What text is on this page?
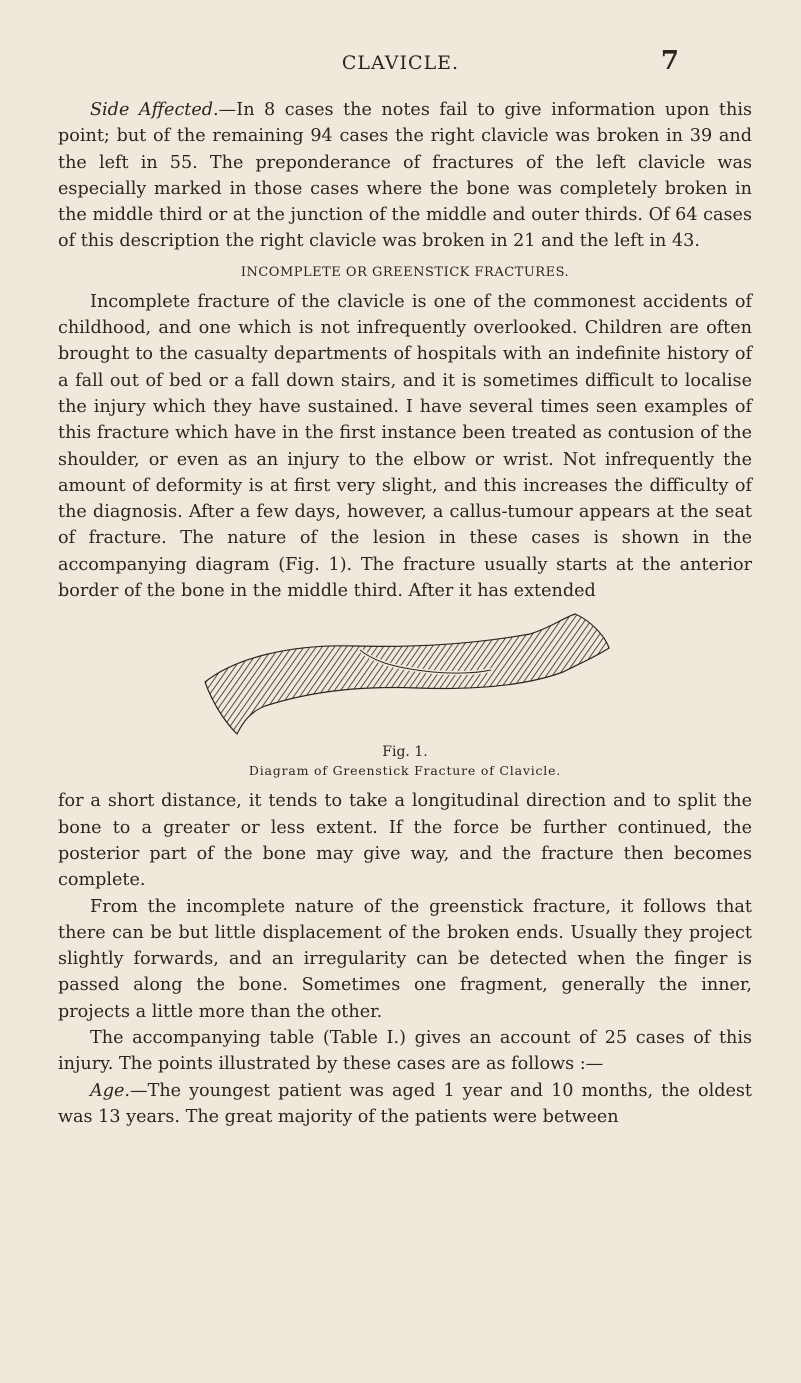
CLAVICLE.	7

Side Affected.—In 8 cases the notes fail to give information upon this point; but of the remaining 94 cases the right clavicle was broken in 39 and the left in 55. The preponderance of fractures of the left clavicle was especially marked in those cases where the bone was completely broken in the middle third or at the junction of the middle and outer thirds. Of 64 cases of this description the right clavicle was broken in 21 and the left in 43.

INCOMPLETE OR GREENSTICK FRACTURES.

Incomplete fracture of the clavicle is one of the commonest accidents of childhood, and one which is not infrequently overlooked. Children are often brought to the casualty departments of hospitals with an indefinite history of a fall out of bed or a fall down stairs, and it is sometimes difficult to localise the injury which they have sustained. I have several times seen examples of this fracture which have in the first instance been treated as contusion of the shoulder, or even as an injury to the elbow or wrist. Not infrequently the amount of deformity is at first very slight, and this increases the difficulty of the diagnosis. After a few days, however, a callus-tumour appears at the seat of fracture. The nature of the lesion in these cases is shown in the accompanying diagram (Fig. 1). The fracture usually starts at the anterior border of the bone in the middle third. After it has extended

Fig. 1.
Diagram of Greenstick Fracture of Clavicle.

for a short distance, it tends to take a longitudinal direction and to split the bone to a greater or less extent. If the force be further continued, the posterior part of the bone may give way, and the fracture then becomes complete.

From the incomplete nature of the greenstick fracture, it follows that there can be but little displacement of the broken ends. Usually they project slightly forwards, and an irregularity can be detected when the finger is passed along the bone. Sometimes one fragment, generally the inner, projects a little more than the other.

The accompanying table (Table I.) gives an account of 25 cases of this injury. The points illustrated by these cases are as follows :—

Age.—The youngest patient was aged 1 year and 10 months, the oldest was 13 years. The great majority of the patients were between
